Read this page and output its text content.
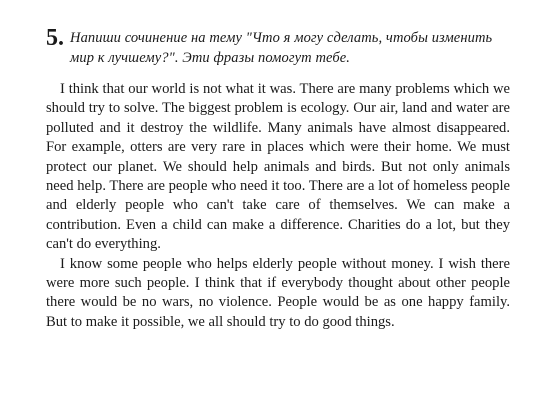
5. Напиши сочинение на тему "Что я могу сделать, чтобы изменить мир к лучшему?". Эти фразы помогут тебе.

I think that our world is not what it was. There are many problems which we should try to solve. The biggest problem is ecology. Our air, land and water are polluted and it destroy the wildlife. Many animals have almost disappeared. For example, otters are very rare in places which were their home. We must protect our planet. We should help animals and birds. But not only animals need help. There are people who need it too. There are a lot of homeless people and elderly people who can't take care of themselves. We can make a contribution. Even a child can make a difference. Charities do a lot, but they can't do everything.

I know some people who helps elderly people without money. I wish there were more such people. I think that if everybody thought about other people there would be no wars, no violence. People would be as one happy family. But to make it possible, we all should try to do good things.
